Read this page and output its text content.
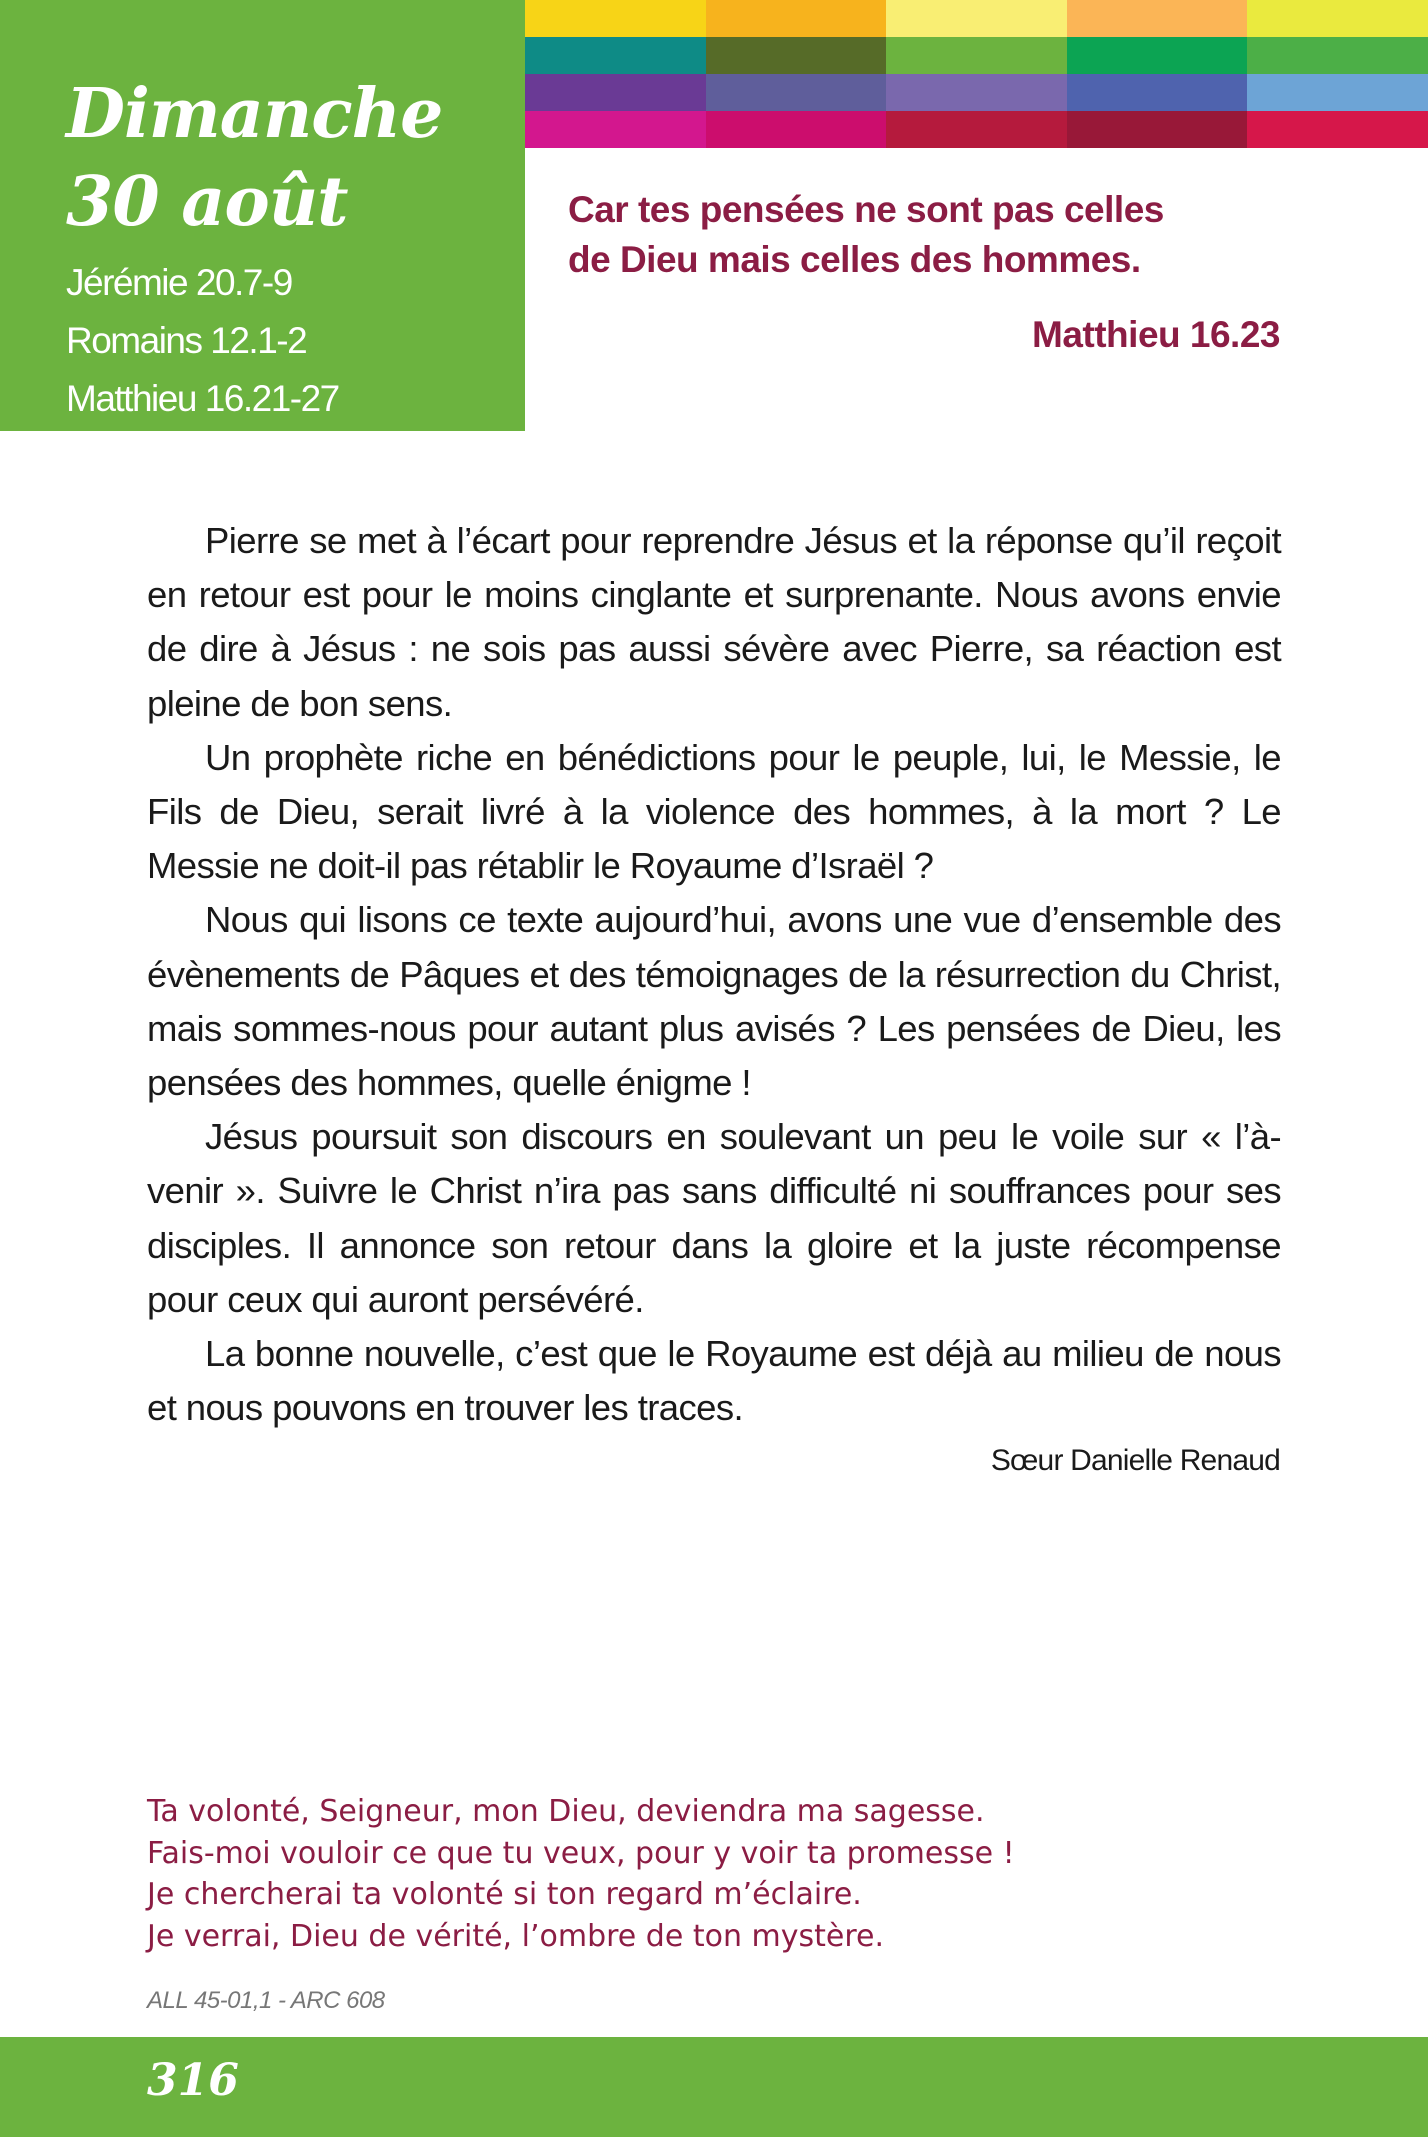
Dimanche
30 août
Jérémie 20.7-9
Romains 12.1-2
Matthieu 16.21-27
Car tes pensées ne sont pas celles
de Dieu mais celles des hommes.
Matthieu 16.23

Pierre se met à l’écart pour reprendre Jésus et la réponse qu’il reçoit en retour est pour le moins cinglante et surprenante. Nous avons envie de dire à Jésus : ne sois pas aussi sévère avec Pierre, sa réaction est pleine de bon sens.

Un prophète riche en bénédictions pour le peuple, lui, le Messie, le Fils de Dieu, serait livré à la violence des hommes, à la mort ? Le Messie ne doit-il pas rétablir le Royaume d’Israël ?

Nous qui lisons ce texte aujourd’hui, avons une vue d’ensemble des évènements de Pâques et des témoignages de la résurrection du Christ, mais sommes-nous pour autant plus avisés ? Les pensées de Dieu, les pensées des hommes, quelle énigme !

Jésus poursuit son discours en soulevant un peu le voile sur « l’à-venir ». Suivre le Christ n’ira pas sans difficulté ni souffrances pour ses disciples. Il annonce son retour dans la gloire et la juste récompense pour ceux qui auront persévéré.

La bonne nouvelle, c’est que le Royaume est déjà au milieu de nous et nous pouvons en trouver les traces.

Sœur Danielle Renaud
Ta volonté, Seigneur, mon Dieu, deviendra ma sagesse.
Fais-moi vouloir ce que tu veux, pour y voir ta promesse !
Je chercherai ta volonté si ton regard m’éclaire.
Je verrai, Dieu de vérité, l’ombre de ton mystère.
ALL 45-01,1 - ARC 608
316
